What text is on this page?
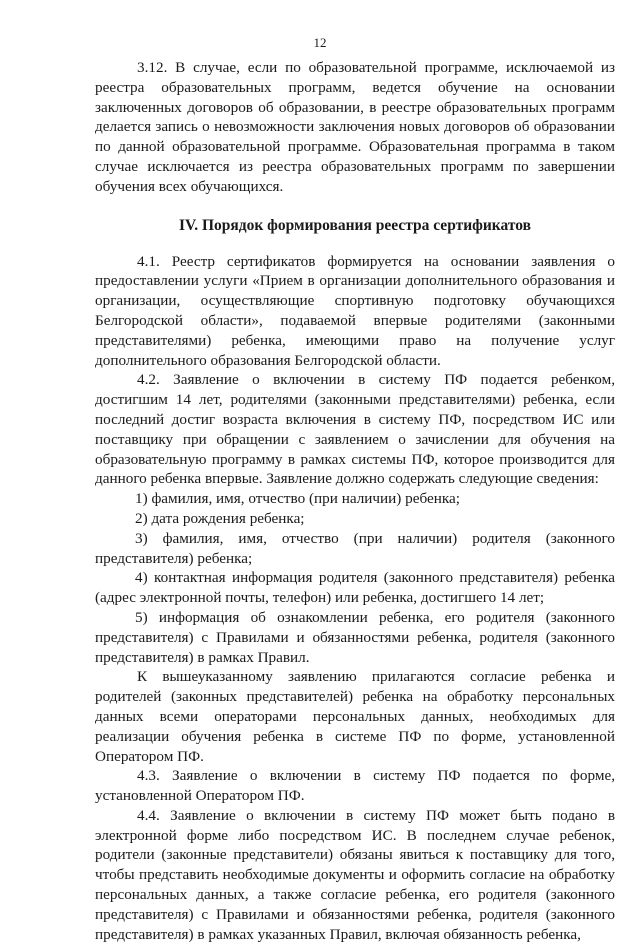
12

3.12. В случае, если по образовательной программе, исключаемой из реестра образовательных программ, ведется обучение на основании заключенных договоров об образовании, в реестре образовательных программ делается запись о невозможности заключения новых договоров об образовании по данной образовательной программе. Образовательная программа в таком случае исключается из реестра образовательных программ по завершении обучения всех обучающихся.

IV. Порядок формирования реестра сертификатов

4.1. Реестр сертификатов формируется на основании заявления о предоставлении услуги «Прием в организации дополнительного образования и организации, осуществляющие спортивную подготовку обучающихся Белгородской области», подаваемой впервые родителями (законными представителями) ребенка, имеющими право на получение услуг дополнительного образования Белгородской области.

4.2. Заявление о включении в систему ПФ подается ребенком, достигшим 14 лет, родителями (законными представителями) ребенка, если последний достиг возраста включения в систему ПФ, посредством ИС или поставщику при обращении с заявлением о зачислении для обучения на образовательную программу в рамках системы ПФ, которое производится для данного ребенка впервые. Заявление должно содержать следующие сведения:

1) фамилия, имя, отчество (при наличии) ребенка;

2) дата рождения ребенка;

3) фамилия, имя, отчество (при наличии) родителя (законного представителя) ребенка;

4) контактная информация родителя (законного представителя) ребенка (адрес электронной почты, телефон) или ребенка, достигшего 14 лет;

5) информация об ознакомлении ребенка, его родителя (законного представителя) с Правилами и обязанностями ребенка, родителя (законного представителя) в рамках Правил.

К вышеуказанному заявлению прилагаются согласие ребенка и родителей (законных представителей) ребенка на обработку персональных данных всеми операторами персональных данных, необходимых для реализации обучения ребенка в системе ПФ по форме, установленной Оператором ПФ.

4.3. Заявление о включении в систему ПФ подается по форме, установленной Оператором ПФ.

4.4. Заявление о включении в систему ПФ может быть подано в электронной форме либо посредством ИС. В последнем случае ребенок, родители (законные представители) обязаны явиться к поставщику для того, чтобы представить необходимые документы и оформить согласие на обработку персональных данных, а также согласие ребенка, его родителя (законного представителя) с Правилами и обязанностями ребенка, родителя (законного представителя) в рамках указанных Правил, включая обязанность ребенка,
